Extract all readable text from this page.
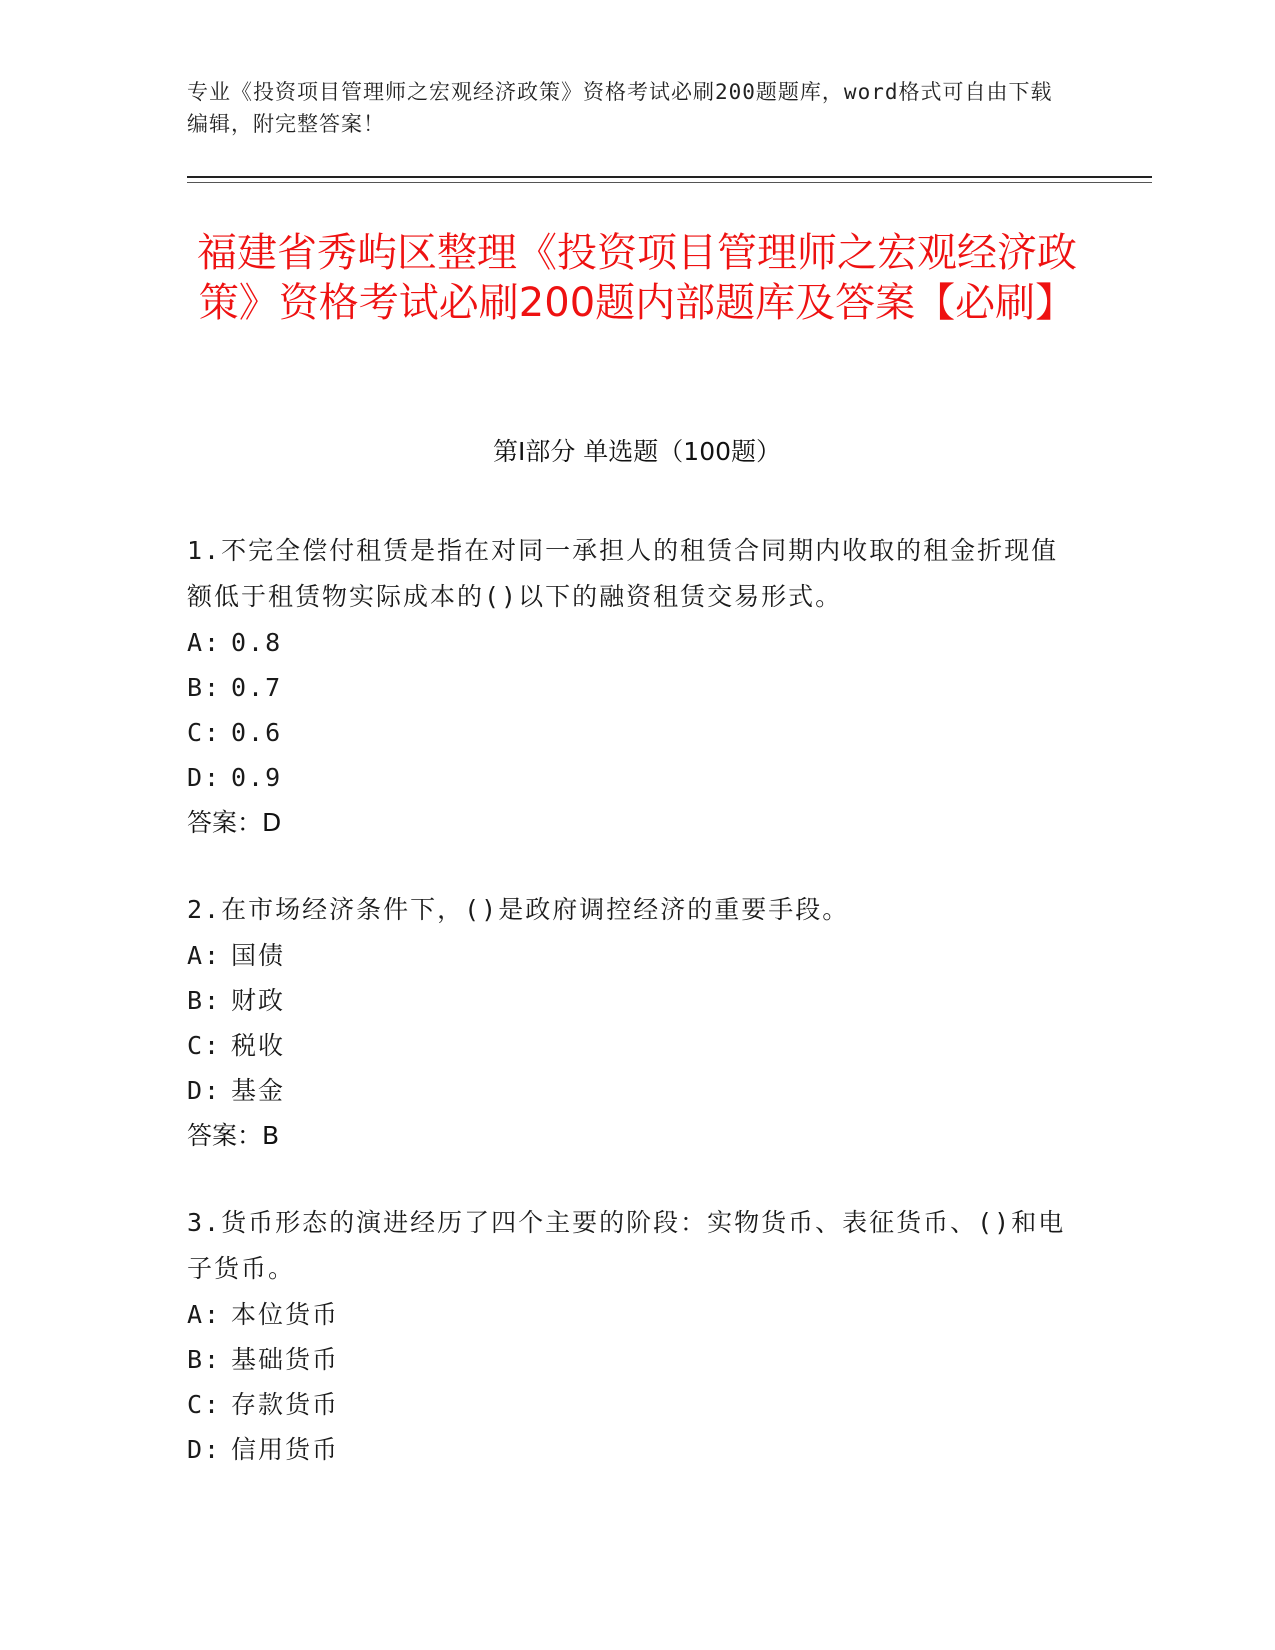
专业《投资项目管理师之宏观经济政策》资格考试必刷200题题库，word格式可自由下载编辑，附完整答案！
福建省秀屿区整理《投资项目管理师之宏观经济政策》资格考试必刷200题内部题库及答案【必刷】
第I部分 单选题（100题）
1.不完全偿付租赁是指在对同一承担人的租赁合同期内收取的租金折现值额低于租赁物实际成本的()以下的融资租赁交易形式。
A: 0.8
B: 0.7
C: 0.6
D: 0.9
答案：D
2.在市场经济条件下，()是政府调控经济的重要手段。
A: 国债
B: 财政
C: 税收
D: 基金
答案：B
3.货币形态的演进经历了四个主要的阶段：实物货币、表征货币、()和电子货币。
A: 本位货币
B: 基础货币
C: 存款货币
D: 信用货币
